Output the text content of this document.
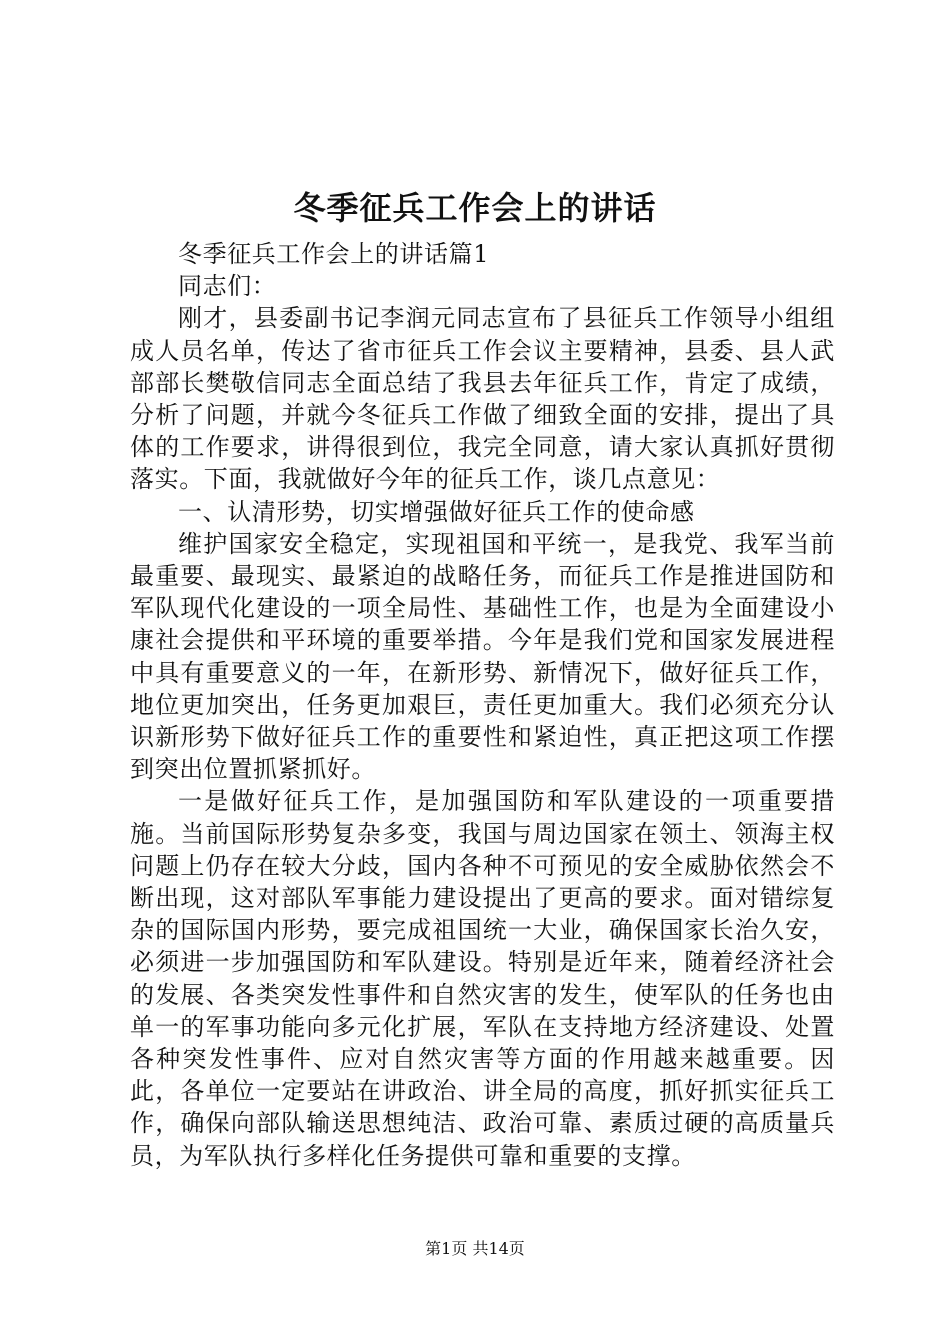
冬季征兵工作会上的讲话

冬季征兵工作会上的讲话篇1

同志们：

刚才，县委副书记李润元同志宣布了县征兵工作领导小组组成人员名单，传达了省市征兵工作会议主要精神，县委、县人武部部长樊敬信同志全面总结了我县去年征兵工作，肯定了成绩，分析了问题，并就今冬征兵工作做了细致全面的安排，提出了具体的工作要求，讲得很到位，我完全同意，请大家认真抓好贯彻落实。下面，我就做好今年的征兵工作，谈几点意见：

一、认清形势，切实增强做好征兵工作的使命感

维护国家安全稳定，实现祖国和平统一，是我党、我军当前最重要、最现实、最紧迫的战略任务，而征兵工作是推进国防和军队现代化建设的一项全局性、基础性工作，也是为全面建设小康社会提供和平环境的重要举措。今年是我们党和国家发展进程中具有重要意义的一年，在新形势、新情况下，做好征兵工作，地位更加突出，任务更加艰巨，责任更加重大。我们必须充分认识新形势下做好征兵工作的重要性和紧迫性，真正把这项工作摆到突出位置抓紧抓好。

一是做好征兵工作，是加强国防和军队建设的一项重要措施。当前国际形势复杂多变，我国与周边国家在领土、领海主权问题上仍存在较大分歧，国内各种不可预见的安全威胁依然会不断出现，这对部队军事能力建设提出了更高的要求。面对错综复杂的国际国内形势，要完成祖国统一大业，确保国家长治久安，必须进一步加强国防和军队建设。特别是近年来，随着经济社会的发展、各类突发性事件和自然灾害的发生，使军队的任务也由单一的军事功能向多元化扩展，军队在支持地方经济建设、处置各种突发性事件、应对自然灾害等方面的作用越来越重要。因此，各单位一定要站在讲政治、讲全局的高度，抓好抓实征兵工作，确保向部队输送思想纯洁、政治可靠、素质过硬的高质量兵员，为军队执行多样化任务提供可靠和重要的支撑。

第1页 共14页
